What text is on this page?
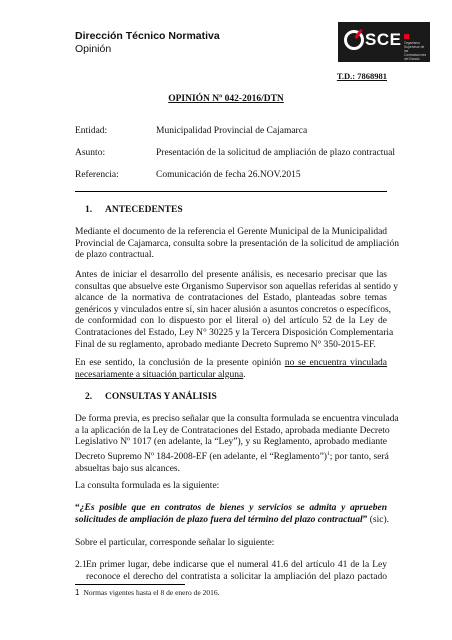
Dirección Técnico Normativa
Opinión	SCE Organismo Supervisor de las Contrataciones del Estado
T.D.: 7868981
OPINIÓN Nº 042-2016/DTN
Entidad:	Municipalidad Provincial de Cajamarca
Asunto:	Presentación de la solicitud de ampliación de plazo contractual
Referencia:	Comunicación de fecha 26.NOV.2015
1. ANTECEDENTES
Mediante el documento de la referencia el Gerente Municipal de la Municipalidad
Provincial de Cajamarca, consulta sobre la presentación de la solicitud de ampliación
de plazo contractual.
Antes de iniciar el desarrollo del presente análisis, es necesario precisar que las
consultas que absuelve este Organismo Supervisor son aquellas referidas al sentido y
alcance de la normativa de contrataciones del Estado, planteadas sobre temas
genéricos y vinculados entre sí, sin hacer alusión a asuntos concretos o específicos,
de conformidad con lo dispuesto por el literal o) del artículo 52 de la Ley de
Contrataciones del Estado, Ley N° 30225 y la Tercera Disposición Complementaria
Final de su reglamento, aprobado mediante Decreto Supremo N° 350-2015-EF.
En ese sentido, la conclusión de la presente opinión no se encuentra vinculada
necesariamente a situación particular alguna.
2. CONSULTAS Y ANÁLISIS
De forma previa, es preciso señalar que la consulta formulada se encuentra vinculada
a la aplicación de la Ley de Contrataciones del Estado, aprobada mediante Decreto
Legislativo Nº 1017 (en adelante, la “Ley”), y su Reglamento, aprobado mediante
Decreto Supremo Nº 184-2008-EF (en adelante, el “Reglamento”)$^1$; por tanto, será
absueltas bajo sus alcances.
La consulta formulada es la siguiente:
“¿Es posible que en contratos de bienes y servicios se admita y aprueben
solicitudes de ampliación de plazo fuera del término del plazo contractual” (sic).
Sobre el particular, corresponde señalar lo siguiente:
2.1 En primer lugar, debe indicarse que el numeral 41.6 del artículo 41 de la Ley
reconoce el derecho del contratista a solicitar la ampliación del plazo pactado
1 Normas vigentes hasta el 8 de enero de 2016.
